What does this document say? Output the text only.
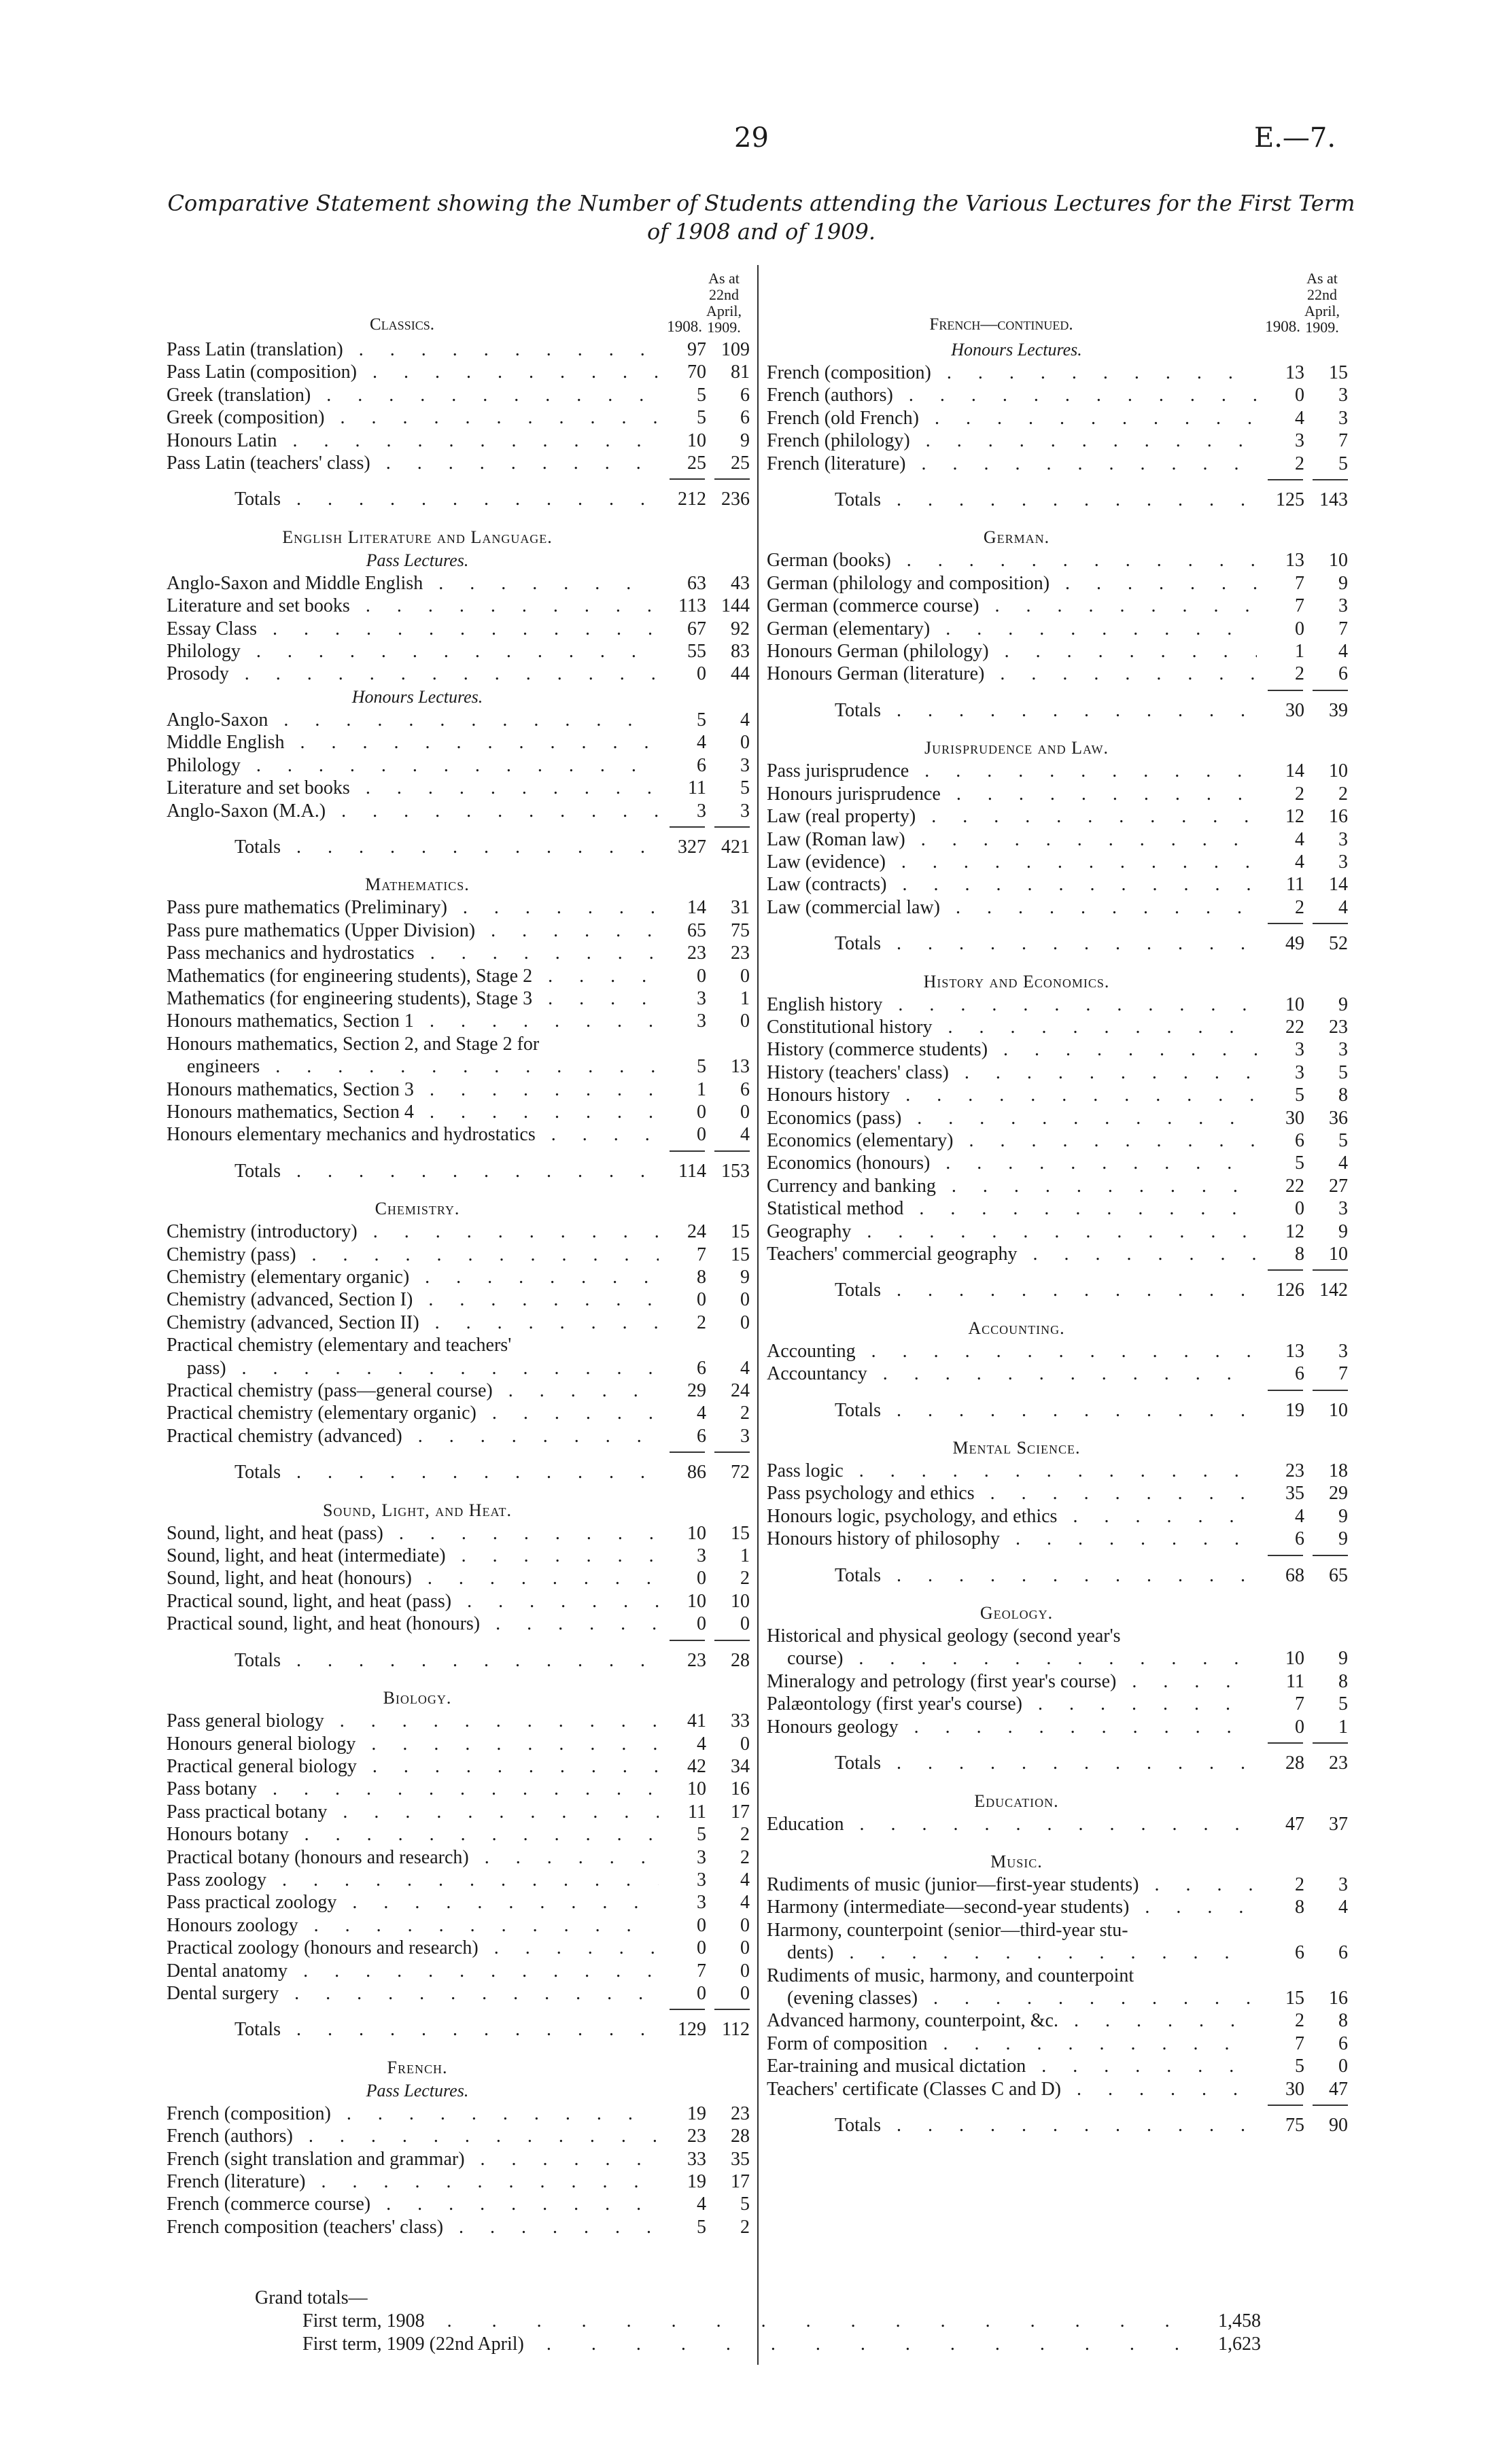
29	E.—7.
Comparative Statement showing the Number of Students attending the Various Lectures for the First Term of 1908 and of 1909.
Classics.	1908.
As at 22nd April, 1909.
Pass Latin (translation) . . .	97 109
Pass Latin (composition) . . .	70	81
Greek (translation) . . .	5	6
Greek (composition) . . .	5	6
Honours Latin . . .	10	9
Pass Latin (teachers' class) . . .	25	25
Totals . . .	212 236
English Literature and Language.
Pass Lectures.
Anglo-Saxon and Middle English . . .	63	43
Literature and set books . . .	113 144
Essay Class . . .	67	92
Philology . . .	55	83
Prosody . . .	0	44
Honours Lectures.
Anglo-Saxon . . .	5	4
Middle English . . .	4	0
Philology . . .	6	3
Literature and set books . . .	11	5
Anglo-Saxon (M.A.) . . .	3	3
Totals . . .	327 421
Mathematics.
Pass pure mathematics (Preliminary) . . .	14	31
Pass pure mathematics (Upper Division) . . .	65	75
Pass mechanics and hydrostatics . . .	23	23
Mathematics (for engineering students), Stage 2 . . .	0	0
Mathematics (for engineering students), Stage 3 . . .	3	1
Honours mathematics, Section 1 . . .	3	0
Honours mathematics, Section 2, and Stage 2 for
engineers . . .	5	13
Honours mathematics, Section 3 . . .	1	6
Honours mathematics, Section 4 . . .	0	0
Honours elementary mechanics and hydrostatics . . .	0	4
Totals . . .	114 153
Chemistry.
Chemistry (introductory) . . .	24	15
Chemistry (pass) . . .	7	15
Chemistry (elementary organic) . . .	8	9
Chemistry (advanced, Section I) . . .	0	0
Chemistry (advanced, Section II) . . .	2	0
Practical chemistry (elementary and teachers'
pass) . . .	6	4
Practical chemistry (pass—general course) . . .	29	24
Practical chemistry (elementary organic) . . .	4	2
Practical chemistry (advanced) . . .	6	3
Totals . . .	86	72
Sound, Light, and Heat.
Sound, light, and heat (pass) . . .	10	15
Sound, light, and heat (intermediate) . . .	3	1
Sound, light, and heat (honours) . . .	0	2
Practical sound, light, and heat (pass) . . .	10	10
Practical sound, light, and heat (honours) . . .	0	0
Totals . . .	23	28
Biology.
Pass general biology . . .	41	33
Honours general biology . . .	4	0
Practical general biology . . .	42	34
Pass botany . . .	10	16
Pass practical botany . . .	11	17
Honours botany . . .	5	2
Practical botany (honours and research) . . .	3	2
Pass zoology . . .	3	4
Pass practical zoology . . .	3	4
Honours zoology . . .	0	0
Practical zoology (honours and research) . . .	0	0
Dental anatomy . . .	7	0
Dental surgery . . .	0	0
Totals . . .	129 112
French.
Pass Lectures.
French (composition) . . .	19	23
French (authors) . . .	23	28
French (sight translation and grammar) . . .	33	35
French (literature) . . .	19	17
French (commerce course) . . .	4	5
French composition (teachers' class) . . .	5	2
French—continued.	1908.
As at 22nd April, 1909.
Honours Lectures.
French (composition) . . .	13	15
French (authors) . . .	0	3
French (old French) . . .	4	3
French (philology) . . .	3	7
French (literature) . . .	2	5
Totals . . .	125 143
German.
German (books) . . .	13	10
German (philology and composition) . . .	7	9
German (commerce course) . . .	7	3
German (elementary) . . .	0	7
Honours German (philology) . . .	1	4
Honours German (literature) . . .	2	6
Totals . . .	30	39
Jurisprudence and Law.
Pass jurisprudence . . .	14	10
Honours jurisprudence . . .	2	2
Law (real property) . . .	12	16
Law (Roman law) . . .	4	3
Law (evidence) . . .	4	3
Law (contracts) . . .	11	14
Law (commercial law) . . .	2	4
Totals . . .	49	52
History and Economics.
English history . . .	10	9
Constitutional history . . .	22	23
History (commerce students) . . .	3	3
History (teachers' class) . . .	3	5
Honours history . . .	5	8
Economics (pass) . . .	30	36
Economics (elementary) . . .	6	5
Economics (honours) . . .	5	4
Currency and banking . . .	22	27
Statistical method . . .	0	3
Geography . . .	12	9
Teachers' commercial geography . . .	8	10
Totals . . .	126 142
Accounting.
Accounting . . .	13	3
Accountancy . . .	6	7
Totals . . .	19	10
Mental Science.
Pass logic . . .	23	18
Pass psychology and ethics . . .	35	29
Honours logic, psychology, and ethics . . .	4	9
Honours history of philosophy . . .	6	9
Totals . . .	68	65
Geology.
Historical and physical geology (second year's
course) . . .	10	9
Mineralogy and petrology (first year's course) . . .	11	8
Palæontology (first year's course) . . .	7	5
Honours geology . . .	0	1
Totals . . .	28	23
Education.
Education . . .	47	37
Music.
Rudiments of music (junior—first-year students) . . .	2	3
Harmony (intermediate—second-year students) . . .	8	4
Harmony, counterpoint (senior—third-year stu-
dents) . . .	6	6
Rudiments of music, harmony, and counterpoint
(evening classes) . . .	15	16
Advanced harmony, counterpoint, &c. . . .	2	8
Form of composition . . .	7	6
Ear-training and musical dictation . . .	5	0
Teachers' certificate (Classes C and D) . . .	30	47
Totals . . .	75	90
Grand totals—
First term, 1908 . . .	1,458
First term, 1909 (22nd April) . . .	1,623
